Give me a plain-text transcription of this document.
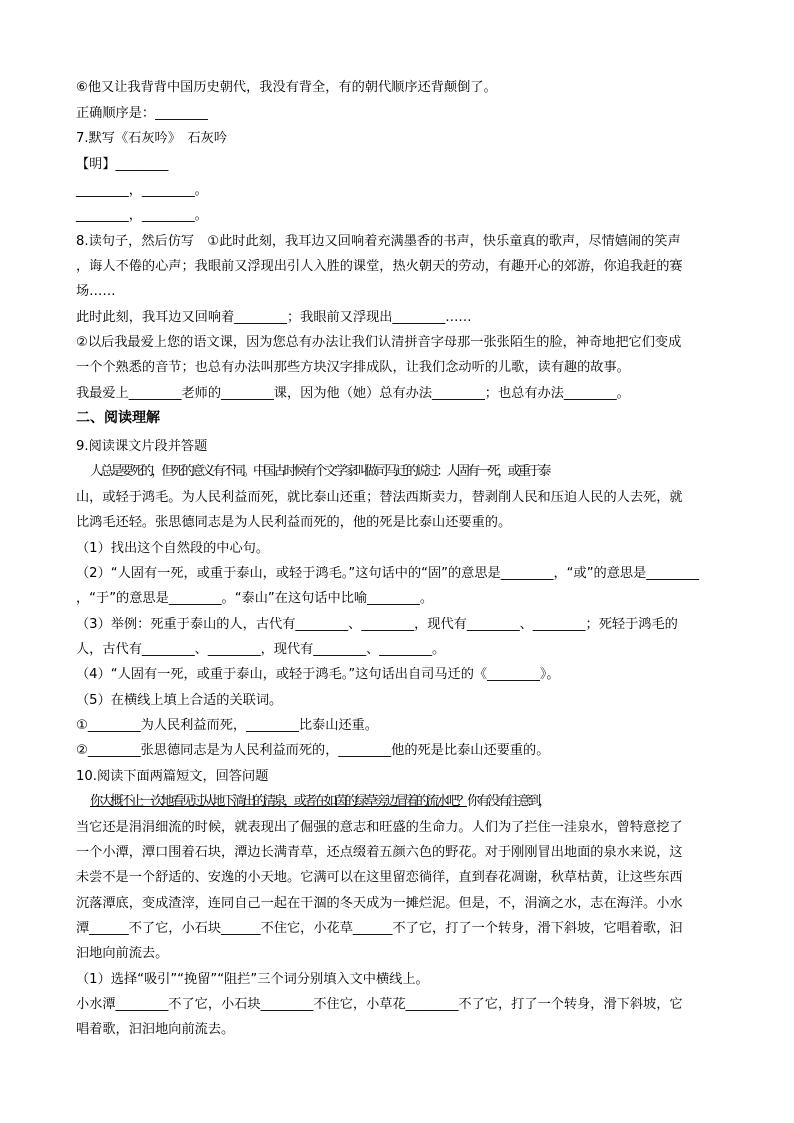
⑥他又让我背背中国历史朝代，我没有背全，有的朝代顺序还背颠倒了。
正确顺序是：________
7.默写《石灰吟》　石灰吟
【明】________
________，________。
________，________。
8.读句子，然后仿写　①此时此刻，我耳边又回响着充满墨香的书声，快乐童真的歌声，尽情嬉闹的笑声
，诲人不倦的心声；我眼前又浮现出引人入胜的课堂，热火朝天的劳动，有趣开心的郊游，你追我赶的赛
场……
此时此刻，我耳边又回响着________；我眼前又浮现出________……
②以后我最爱上您的语文课，因为您总有办法让我们认清拼音字母那一张张陌生的脸，神奇地把它们变成
一个个熟悉的音节；也总有办法叫那些方块汉字排成队，让我们念动听的儿歌，读有趣的故事。
我最爱上________老师的________课，因为他（她）总有办法________；也总有办法________。
二、阅读理解
9.阅读课文片段并答题
人总是要死的，但死的意义有不同。中国古时候有个文学家叫做司马迁的说过：人固有一死，或重于泰
山，或轻于鸿毛。为人民利益而死，就比泰山还重；替法西斯卖力，替剥削人民和压迫人民的人去死，就
比鸿毛还轻。张思德同志是为人民利益而死的，他的死是比泰山还要重的。
（1）找出这个自然段的中心句。
（2）“人固有一死，或重于泰山，或轻于鸿毛。”这句话中的“固”的意思是________，“或”的意思是________
，“于”的意思是________。“泰山”在这句话中比喻________。
（3）举例：死重于泰山的人，古代有________、________，现代有________、________；死轻于鸿毛的
人，古代有________、________，现代有________、________。
（4）“人固有一死，或重于泰山，或轻于鸿毛。”这句话出自司马迁的《________》。
（5）在横线上填上合适的关联词。
①________为人民利益而死，________比泰山还重。
②________张思德同志是为人民利益而死的，________他的死是比泰山还要重的。
10.阅读下面两篇短文，回答问题
你大概不止一次地看见过从地下淌出的清泉，或者在如茵的绿草旁边冒着的流水吧？你有没有注意到，
当它还是涓涓细流的时候，就表现出了倔强的意志和旺盛的生命力。人们为了拦住一洼泉水，曾特意挖了
一个小潭，潭口围着石块，潭边长满青草，还点缀着五颜六色的野花。对于刚刚冒出地面的泉水来说，这
未尝不是一个舒适的、安逸的小天地。它满可以在这里留恋徜徉，直到春花凋谢，秋草枯黄，让这些东西
沉落潭底，变成渣滓，连同自己一起在干涸的冬天成为一摊烂泥。但是，不，涓滴之水，志在海洋。小水
潭______不了它，小石块______不住它，小花草______不了它，打了一个转身，滑下斜坡，它唱着歌，汩
汩地向前流去。
（1）选择“吸引”“挽留”“阻拦”三个词分别填入文中横线上。
小水潭________不了它，小石块________不住它，小草花________不了它，打了一个转身，滑下斜坡，它
唱着歌，汩汩地向前流去。
